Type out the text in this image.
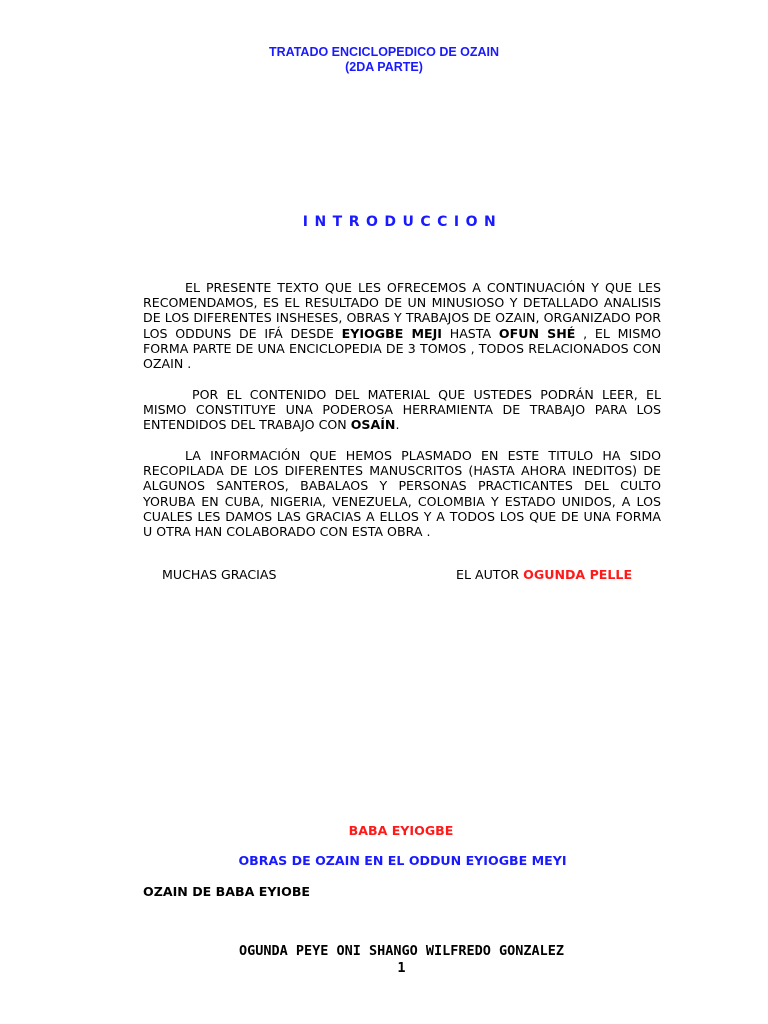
TRATADO ENCICLOPEDICO DE OZAIN
(2DA PARTE)
INTRODUCCION

EL PRESENTE TEXTO QUE LES OFRECEMOS A CONTINUACIÓN Y QUE LES RECOMENDAMOS, ES EL RESULTADO DE UN MINUSIOSO Y DETALLADO ANALISIS DE LOS DIFERENTES INSHESES, OBRAS Y TRABAJOS DE OZAIN, ORGANIZADO POR LOS ODDUNS DE IFÁ DESDE EYIOGBE MEJI HASTA OFUN SHÉ , EL MISMO FORMA PARTE DE UNA ENCICLOPEDIA DE 3 TOMOS , TODOS RELACIONADOS CON OZAIN .

POR EL CONTENIDO DEL MATERIAL QUE USTEDES PODRÁN LEER, EL MISMO CONSTITUYE UNA PODEROSA HERRAMIENTA DE TRABAJO PARA LOS ENTENDIDOS DEL TRABAJO CON OSAÍN.

LA INFORMACIÓN QUE HEMOS PLASMADO EN ESTE TITULO HA SIDO RECOPILADA DE LOS DIFERENTES MANUSCRITOS (HASTA AHORA INEDITOS) DE ALGUNOS SANTEROS, BABALAOS Y PERSONAS PRACTICANTES DEL CULTO YORUBA EN CUBA, NIGERIA, VENEZUELA, COLOMBIA Y ESTADO UNIDOS, A LOS CUALES LES DAMOS LAS GRACIAS A ELLOS Y A TODOS LOS QUE DE UNA FORMA U OTRA HAN COLABORADO CON ESTA OBRA .

MUCHAS GRACIAS	EL AUTOR OGUNDA PELLE
BABA EYIOGBE
OBRAS DE OZAIN EN EL ODDUN EYIOGBE MEYI
OZAIN DE BABA EYIOBE
OGUNDA PEYE ONI SHANGO WILFREDO GONZALEZ
1
